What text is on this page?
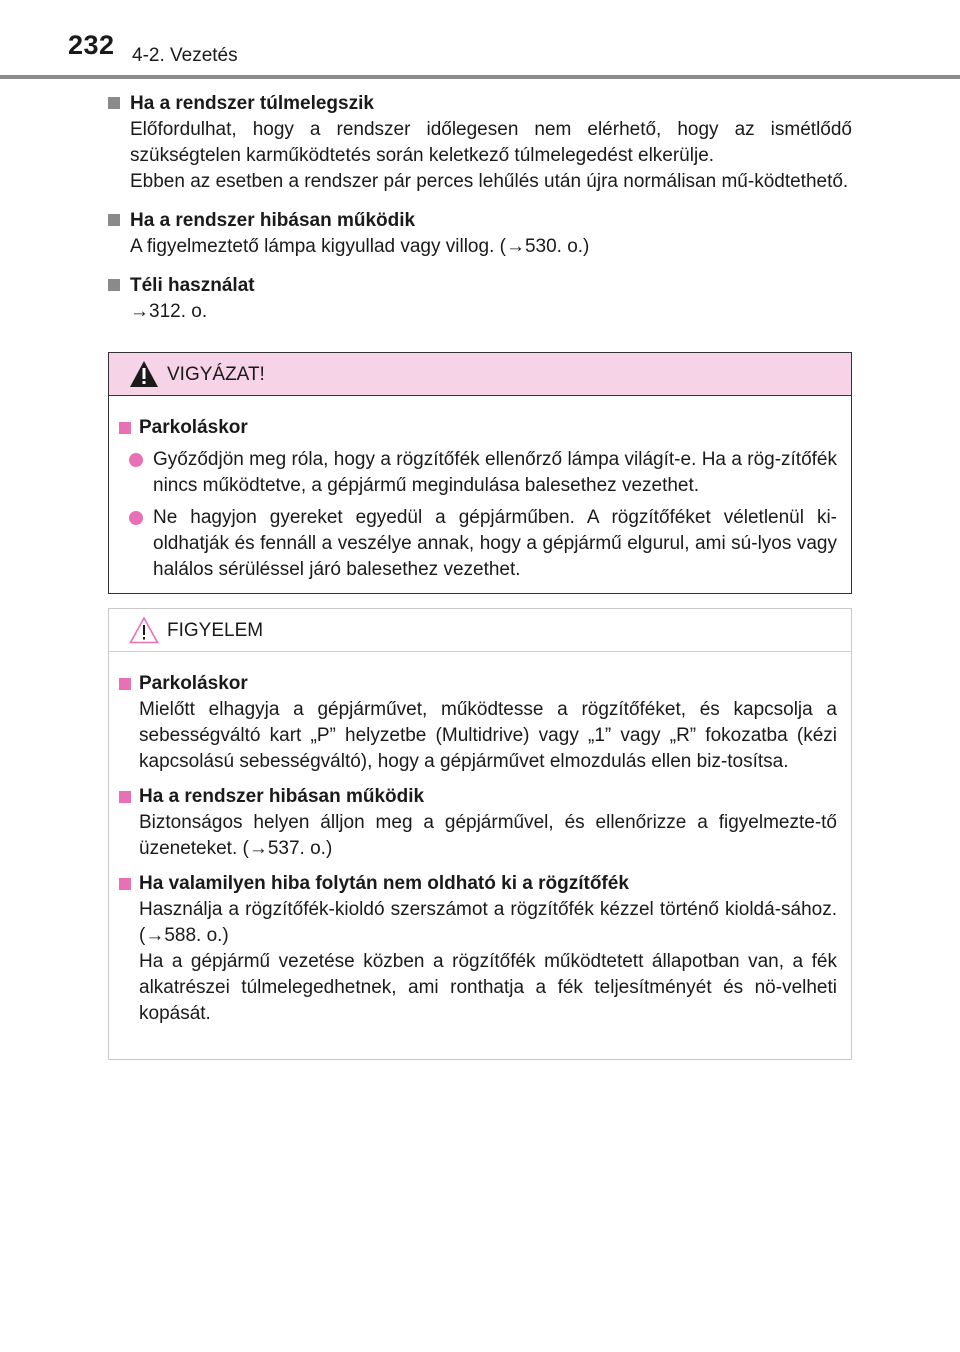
232 4-2. Vezetés
Ha a rendszer túlmelegszik

Előfordulhat, hogy a rendszer időlegesen nem elérhető, hogy az ismétlődő szükségtelen karműködtetés során keletkező túlmelegedést elkerülje.

Ebben az esetben a rendszer pár perces lehűlés után újra normálisan mű-ködtethető.

Ha a rendszer hibásan működik

A figyelmeztető lámpa kigyullad vagy villog. (→530. o.)

Téli használat

→312. o.

VIGYÁZAT!
Parkoláskor
Győződjön meg róla, hogy a rögzítőfék ellenőrző lámpa világít-e. Ha a rög-zítőfék nincs működtetve, a gépjármű megindulása balesethez vezethet.
Ne hagyjon gyereket egyedül a gépjárműben. A rögzítőféket véletlenül ki-oldhatják és fennáll a veszélye annak, hogy a gépjármű elgurul, ami sú-lyos vagy halálos sérüléssel járó balesethez vezethet.
FIGYELEM
Parkoláskor

Mielőtt elhagyja a gépjárművet, működtesse a rögzítőféket, és kapcsolja a sebességváltó kart „P” helyzetbe (Multidrive) vagy „1” vagy „R” fokozatba (kézi kapcsolású sebességváltó), hogy a gépjárművet elmozdulás ellen biz-tosítsa.

Ha a rendszer hibásan működik

Biztonságos helyen álljon meg a gépjárművel, és ellenőrizze a figyelmezte-tő üzeneteket. (→537. o.)

Ha valamilyen hiba folytán nem oldható ki a rögzítőfék

Használja a rögzítőfék-kioldó szerszámot a rögzítőfék kézzel történő kioldá-sához. (→588. o.)

Ha a gépjármű vezetése közben a rögzítőfék működtetett állapotban van, a fék alkatrészei túlmelegedhetnek, ami ronthatja a fék teljesítményét és nö-velheti kopását.
